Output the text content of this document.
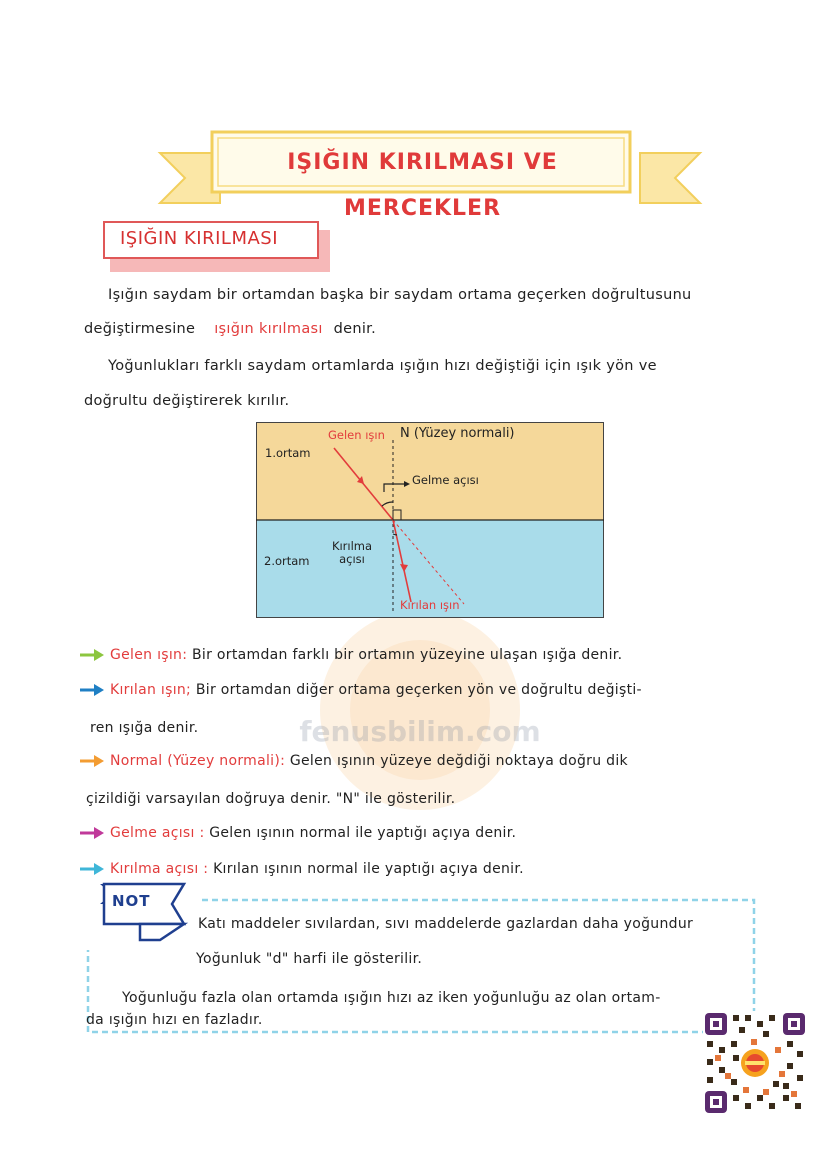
fenusbilim.com
IŞIĞIN KIRILMASI VE MERCEKLER
IŞIĞIN KIRILMASI
Işığın saydam bir ortamdan başka bir saydam ortama geçerken doğrultusunu
değiştirmesine ışığın kırılması denir.
Yoğunlukları farklı saydam ortamlarda ışığın hızı değiştiği için ışık yön ve
doğrultu değiştirerek kırılır.
Gelen ışın N (Yüzey normali)
1.ortam
Gelme açısı
Kırılma
açısı
2.ortam
Kırılan ışın
Gelen ışın: Bir ortamdan farklı bir ortamın yüzeyine ulaşan ışığa denir.
Kırılan ışın; Bir ortamdan diğer ortama geçerken yön ve doğrultu değişti-
ren ışığa denir.
Normal (Yüzey normali): Gelen ışının yüzeye değdiği noktaya doğru dik
çizildiği varsayılan doğruya denir. "N" ile gösterilir.
Gelme açısı : Gelen ışının normal ile yaptığı açıya denir.
Kırılma açısı : Kırılan ışının normal ile yaptığı açıya denir.
NOT
Katı maddeler sıvılardan, sıvı maddelerde gazlardan daha yoğundur
Yoğunluk "d" harfi ile gösterilir.
Yoğunluğu fazla olan ortamda ışığın hızı az iken yoğunluğu az olan ortam-
da ışığın hızı en fazladır.
